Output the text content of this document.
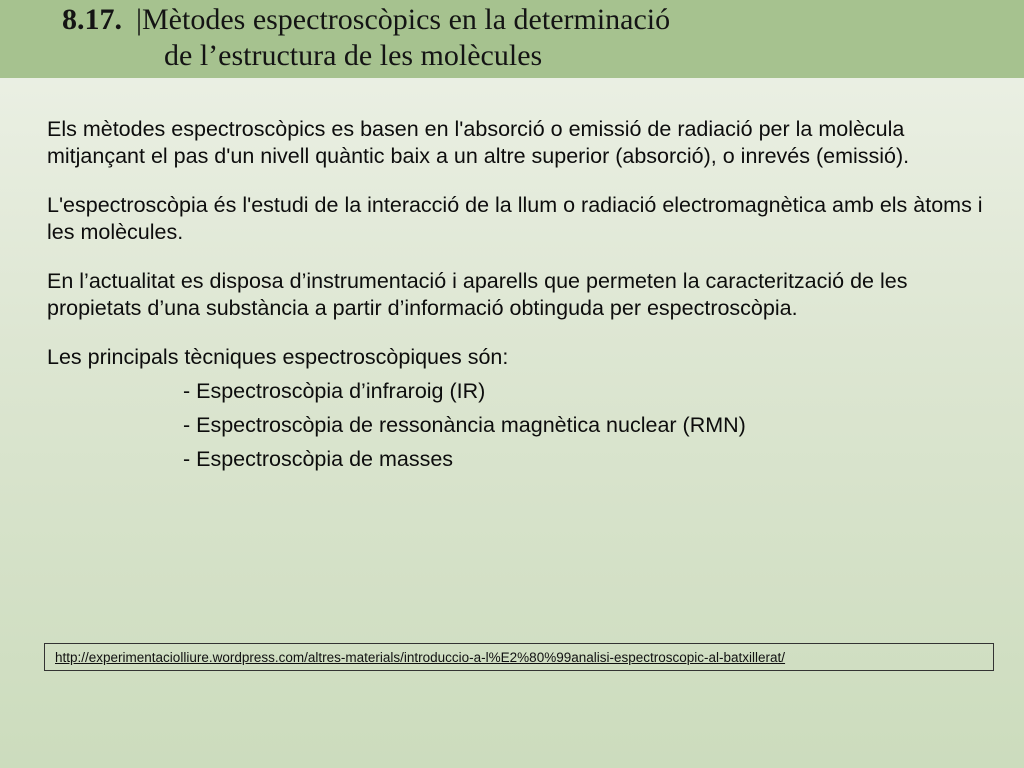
8.17. |Mètodes espectroscòpics en la determinació
de l’estructura de les molècules

Els mètodes espectroscòpics es basen en l'absorció o emissió de radiació per la molècula mitjançant el pas d'un nivell quàntic baix a un altre superior (absorció), o inrevés (emissió).

L'espectroscòpia és l'estudi de la interacció de la llum o radiació electromagnètica amb els àtoms i les molècules.

En l’actualitat es disposa d’instrumentació i aparells que permeten la caracterització de les propietats d’una substància a partir d’informació obtinguda per espectroscòpia.

Les principals tècniques espectroscòpiques són:

- Espectroscòpia d’infraroig (IR)
- Espectroscòpia de ressonància magnètica nuclear (RMN)
- Espectroscòpia de masses
http://experimentaciolliure.wordpress.com/altres-materials/introduccio-a-l%E2%80%99analisi-espectroscopic-al-batxillerat/
